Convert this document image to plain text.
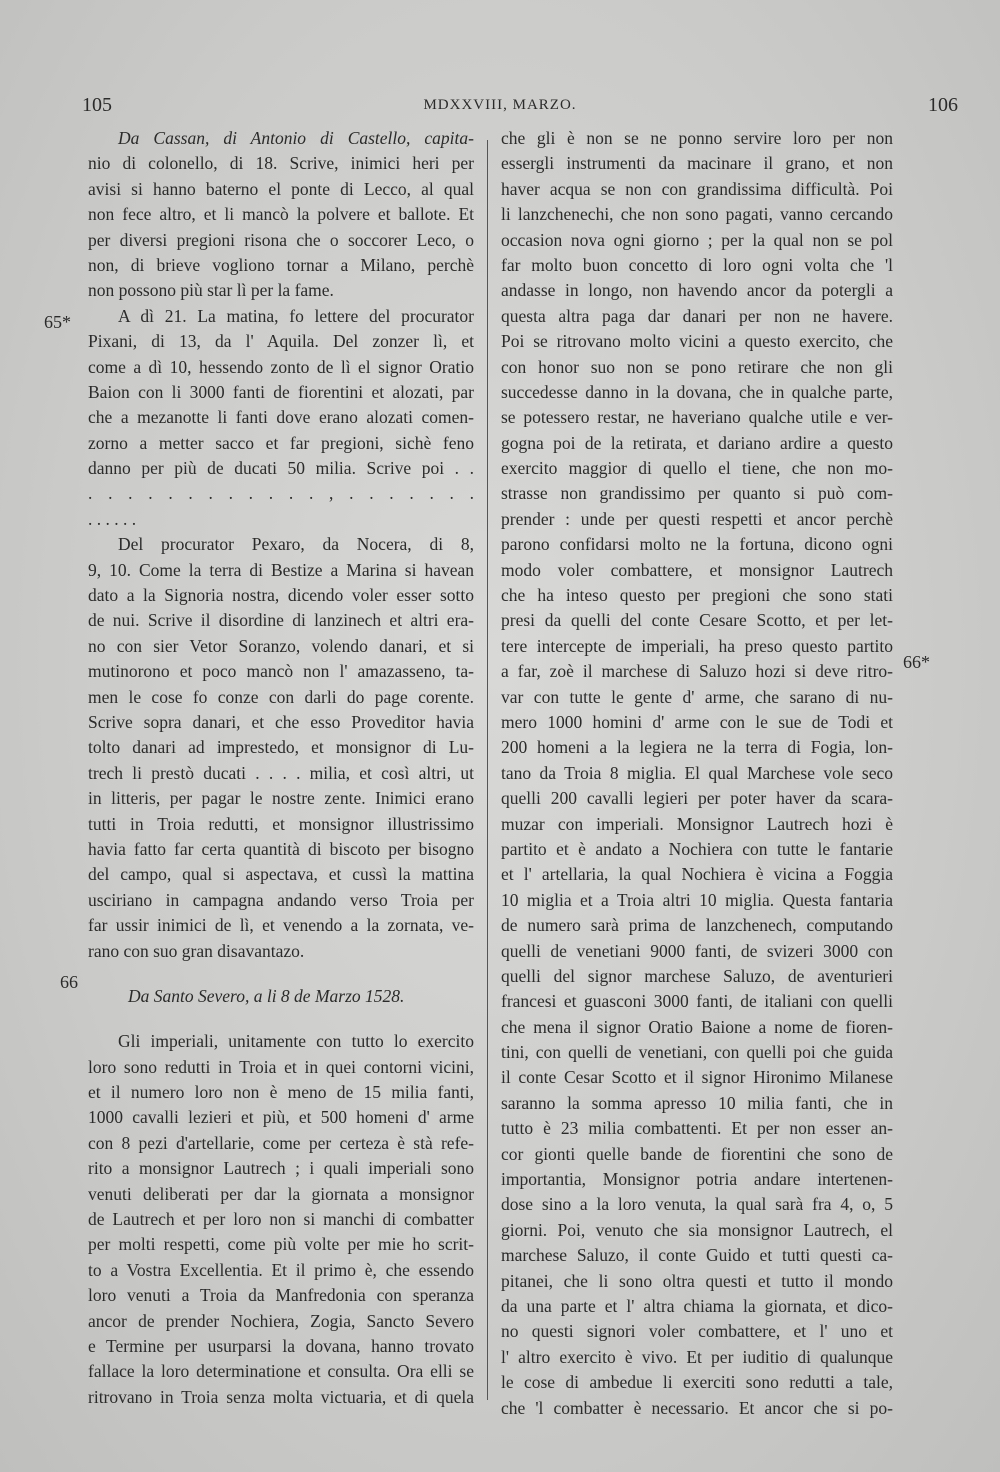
105	MDXXVIII, MARZO.	106
65*
66
66*
Da Cassan, di Antonio di Castello, capita-
nio di colonello, di 18. Scrive, inimici heri per
avisi si hanno baterno el ponte di Lecco, al qual
non fece altro, et li mancò la polvere et ballote. Et
per diversi pregioni risona che o soccorer Leco, o
non, di brieve vogliono tornar a Milano, perchè
non possono più star lì per la fame.
A dì 21. La matina, fo lettere del procurator
Pixani, di 13, da l' Aquila. Del zonzer lì, et
come a dì 10, hessendo zonto de lì el signor Oratio
Baion con li 3000 fanti de fiorentini et alozati, par
che a mezanotte li fanti dove erano alozati comen-
zorno a metter sacco et far pregioni, sichè feno
danno per più de ducati 50 milia. Scrive poi . .
. . . . . . . . . . . . , . . . . . . .
. . . . . .
Del procurator Pexaro, da Nocera, di 8,
9, 10. Come la terra di Bestize a Marina si havean
dato a la Signoria nostra, dicendo voler esser sotto
de nui. Scrive il disordine di lanzinech et altri era-
no con sier Vetor Soranzo, volendo danari, et si
mutinorono et poco mancò non l' amazasseno, ta-
men le cose fo conze con darli do page corente.
Scrive sopra danari, et che esso Proveditor havia
tolto danari ad imprestedo, et monsignor di Lu-
trech li prestò ducati . . . . milia, et così altri, ut
in litteris, per pagar le nostre zente. Inimici erano
tutti in Troia redutti, et monsignor illustrissimo
havia fatto far certa quantità di biscoto per bisogno
del campo, qual si aspectava, et cussì la mattina
usciriano in campagna andando verso Troia per
far ussir inimici de lì, et venendo a la zornata, ve-
rano con suo gran disavantazo.
Da Santo Severo, a li 8 de Marzo 1528.
Gli imperiali, unitamente con tutto lo exercito
loro sono redutti in Troia et in quei contorni vicini,
et il numero loro non è meno de 15 milia fanti,
1000 cavalli lezieri et più, et 500 homeni d' arme
con 8 pezi d'artellarie, come per certeza è stà refe-
rito a monsignor Lautrech ; i quali imperiali sono
venuti deliberati per dar la giornata a monsignor
de Lautrech et per loro non si manchi di combatter
per molti respetti, come più volte per mie ho scrit-
to a Vostra Excellentia. Et il primo è, che essendo
loro venuti a Troia da Manfredonia con speranza
ancor de prender Nochiera, Zogia, Sancto Severo
e Termine per usurparsi la dovana, hanno trovato
fallace la loro determinatione et consulta. Ora elli se
ritrovano in Troia senza molta victuaria, et di quela
che gli è non se ne ponno servire loro per non
essergli instrumenti da macinare il grano, et non
haver acqua se non con grandissima difficultà. Poi
li lanzchenechi, che non sono pagati, vanno cercando
occasion nova ogni giorno ; per la qual non se pol
far molto buon concetto di loro ogni volta che 'l
andasse in longo, non havendo ancor da potergli a
questa altra paga dar danari per non ne havere.
Poi se ritrovano molto vicini a questo exercito, che
con honor suo non se pono retirare che non gli
succedesse danno in la dovana, che in qualche parte,
se potessero restar, ne haveriano qualche utile e ver-
gogna poi de la retirata, et dariano ardire a questo
exercito maggior di quello el tiene, che non mo-
strasse non grandissimo per quanto si può com-
prender : unde per questi respetti et ancor perchè
parono confidarsi molto ne la fortuna, dicono ogni
modo voler combattere, et monsignor Lautrech
che ha inteso questo per pregioni che sono stati
presi da quelli del conte Cesare Scotto, et per let-
tere intercepte de imperiali, ha preso questo partito
a far, zoè il marchese di Saluzo hozi si deve ritro-
var con tutte le gente d' arme, che sarano di nu-
mero 1000 homini d' arme con le sue de Todi et
200 homeni a la legiera ne la terra di Fogia, lon-
tano da Troia 8 miglia. El qual Marchese vole seco
quelli 200 cavalli legieri per poter haver da scara-
muzar con imperiali. Monsignor Lautrech hozi è
partito et è andato a Nochiera con tutte le fantarie
et l' artellaria, la qual Nochiera è vicina a Foggia
10 miglia et a Troia altri 10 miglia. Questa fantaria
de numero sarà prima de lanzchenech, computando
quelli de venetiani 9000 fanti, de svizeri 3000 con
quelli del signor marchese Saluzo, de aventurieri
francesi et guasconi 3000 fanti, de italiani con quelli
che mena il signor Oratio Baione a nome de fioren-
tini, con quelli de venetiani, con quelli poi che guida
il conte Cesar Scotto et il signor Hironimo Milanese
saranno la somma apresso 10 milia fanti, che in
tutto è 23 milia combattenti. Et per non esser an-
cor gionti quelle bande de fiorentini che sono de
importantia, Monsignor potria andare intertenen-
dose sino a la loro venuta, la qual sarà fra 4, o, 5
giorni. Poi, venuto che sia monsignor Lautrech, el
marchese Saluzo, il conte Guido et tutti questi ca-
pitanei, che li sono oltra questi et tutto il mondo
da una parte et l' altra chiama la giornata, et dico-
no questi signori voler combattere, et l' uno et
l' altro exercito è vivo. Et per iuditio di qualunque
le cose di ambedue li exerciti sono redutti a tale,
che 'l combatter è necessario. Et ancor che si po-
